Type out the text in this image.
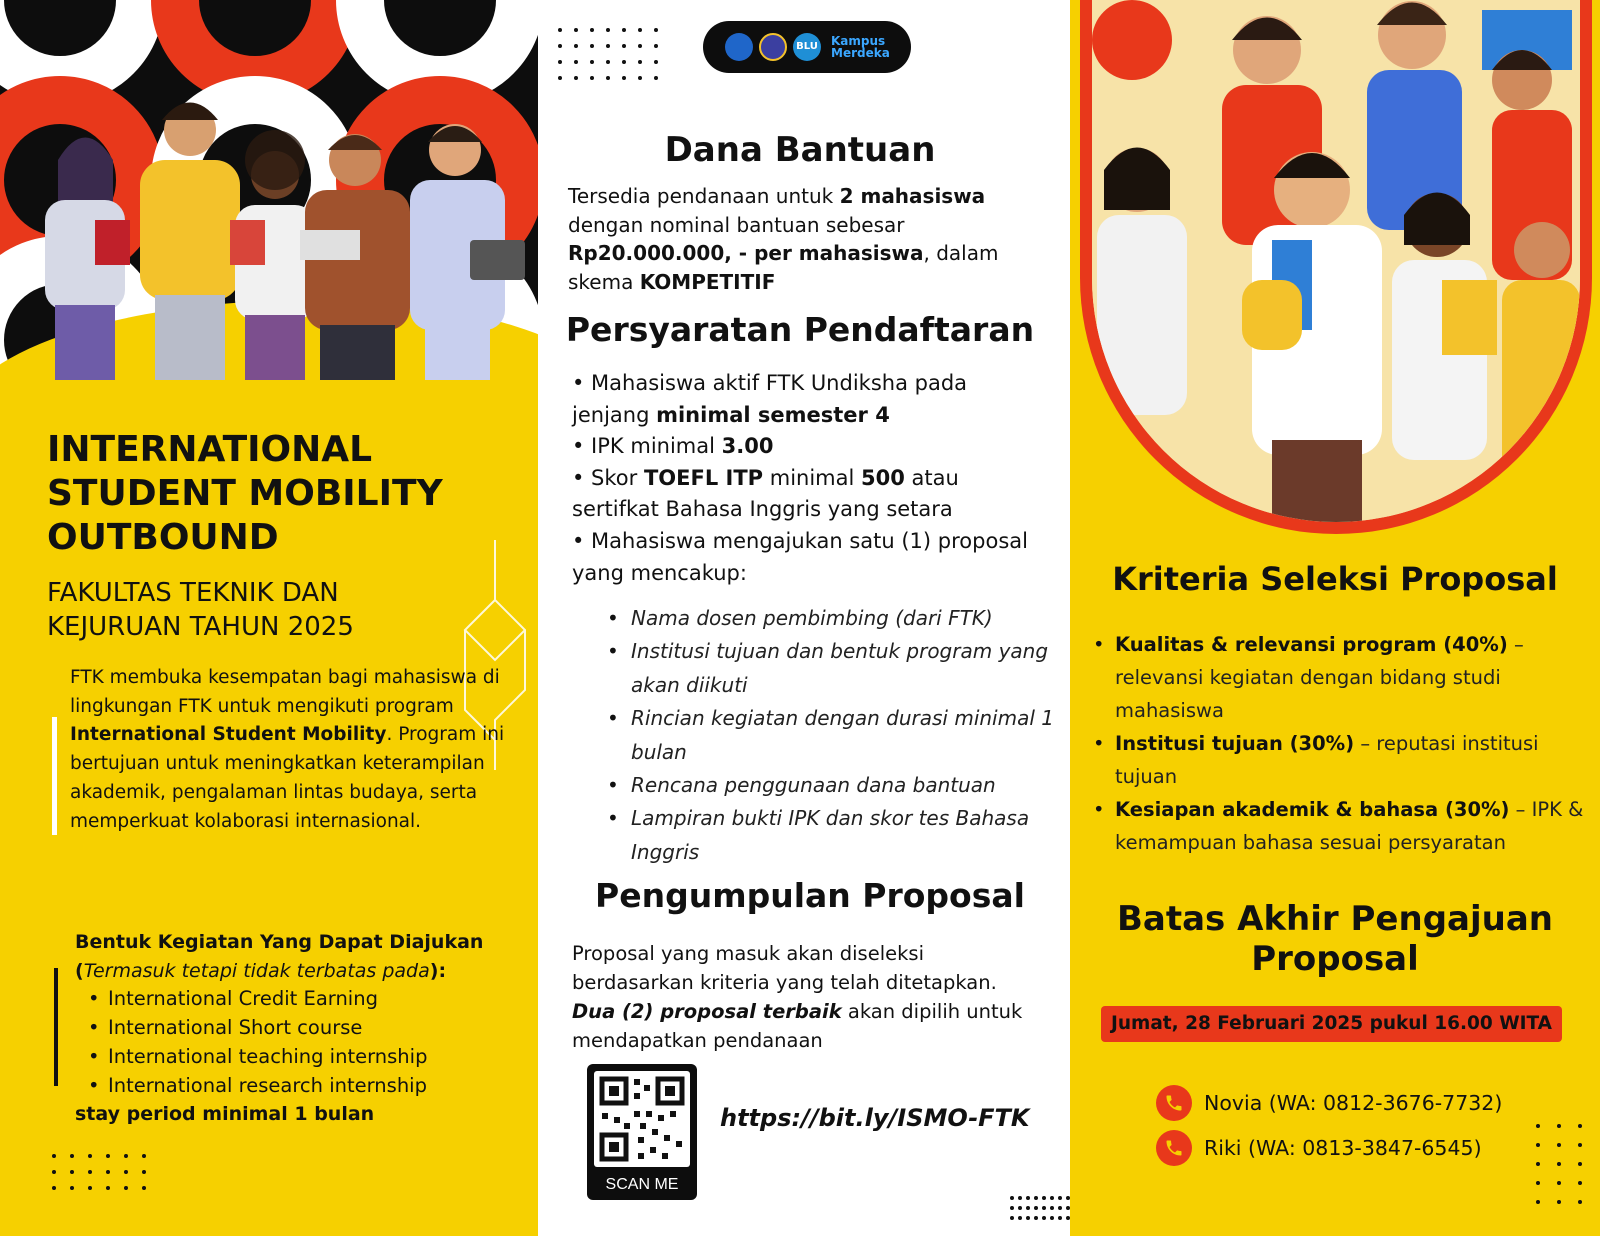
INTERNATIONAL
STUDENT MOBILITY
OUTBOUND
FAKULTAS TEKNIK DAN
KEJURUAN TAHUN 2025

FTK membuka kesempatan bagi mahasiswa di lingkungan FTK untuk mengikuti program International Student Mobility. Program ini bertujuan untuk meningkatkan keterampilan akademik, pengalaman lintas budaya, serta memperkuat kolaborasi internasional.

Bentuk Kegiatan Yang Dapat Diajukan
(Termasuk tetapi tidak terbatas pada):
• International Credit Earning
• International Short course
• International teaching internship
• International research internship
stay period minimal 1 bulan
BLU Kampus
Merdeka
Dana Bantuan

Tersedia pendanaan untuk 2 mahasiswa dengan nominal bantuan sebesar Rp20.000.000, - per mahasiswa, dalam skema KOMPETITIF

Persyaratan Pendaftaran
• Mahasiswa aktif FTK Undiksha pada jenjang minimal semester 4
• IPK minimal 3.00
• Skor TOEFL ITP minimal 500 atau sertifkat Bahasa Inggris yang setara
• Mahasiswa mengajukan satu (1) proposal yang mencakup:
• Nama dosen pembimbing (dari FTK)
• Institusi tujuan dan bentuk program yang akan diikuti
• Rincian kegiatan dengan durasi minimal 1 bulan
• Rencana penggunaan dana bantuan
• Lampiran bukti IPK dan skor tes Bahasa Inggris
Pengumpulan Proposal

Proposal yang masuk akan diseleksi berdasarkan kriteria yang telah ditetapkan. Dua (2) proposal terbaik akan dipilih untuk mendapatkan pendanaan

SCAN ME
https://bit.ly/ISMO-FTK
Kriteria Seleksi Proposal
• Kualitas & relevansi program (40%) – relevansi kegiatan dengan bidang studi mahasiswa
• Institusi tujuan (30%) – reputasi institusi tujuan
• Kesiapan akademik & bahasa (30%) – IPK & kemampuan bahasa sesuai persyaratan
Batas Akhir Pengajuan
Proposal
Jumat, 28 Februari 2025 pukul 16.00 WITA
Novia (WA: 0812-3676-7732)
Riki (WA: 0813-3847-6545)
